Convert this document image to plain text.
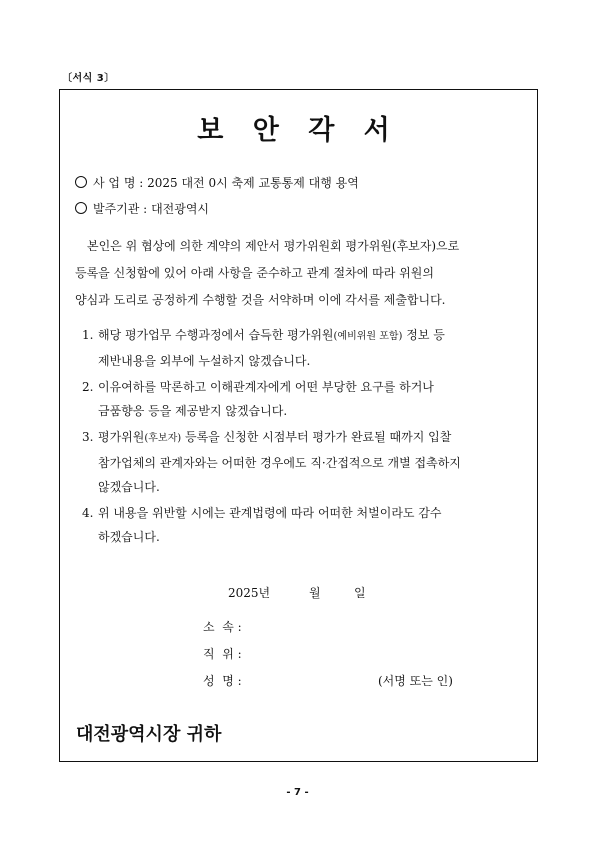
〔서식 3〕
보 안 각 서
사 업 명 : 2025 대전 0시 축제 교통통제 대행 용역
발주기관 : 대전광역시
본인은 위 협상에 의한 계약의 제안서 평가위원회 평가위원(후보자)으로
등록을 신청함에 있어 아래 사항을 준수하고 관계 절차에 따라 위원의
양심과 도리로 공정하게 수행할 것을 서약하며 이에 각서를 제출합니다.
1. 해당 평가업무 수행과정에서 습득한 평가위원(예비위원 포함) 정보 등
제반내용을 외부에 누설하지 않겠습니다.
2. 이유여하를 막론하고 이해관계자에게 어떤 부당한 요구를 하거나
금품향응 등을 제공받지 않겠습니다.
3. 평가위원(후보자) 등록을 신청한 시점부터 평가가 완료될 때까지 입찰
참가업체의 관계자와는 어떠한 경우에도 직·간접적으로 개별 접촉하지
않겠습니다.
4. 위 내용을 위반할 시에는 관계법령에 따라 어떠한 처벌이라도 감수
하겠습니다.
2025년	월	일
소  속 :
직  위 :
성  명 :	(서명 또는 인)
대전광역시장 귀하
- 7 -
